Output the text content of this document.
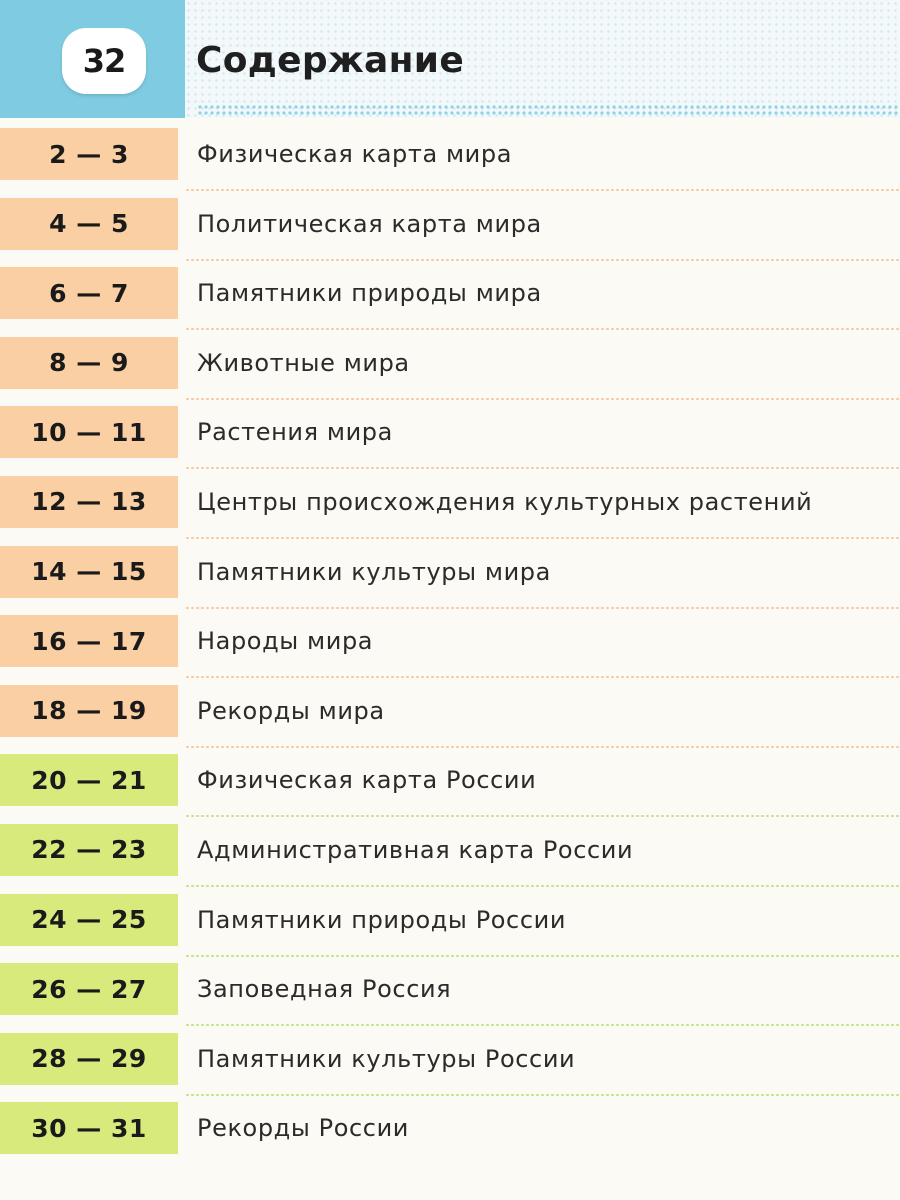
32	Содержание
2 — 3	Физическая карта мира
4 — 5	Политическая карта мира
6 — 7	Памятники природы мира
8 — 9	Животные мира
10 — 11	Растения мира
12 — 13	Центры происхождения культурных растений
14 — 15	Памятники культуры мира
16 — 17	Народы мира
18 — 19	Рекорды мира
20 — 21	Физическая карта России
22 — 23	Административная карта России
24 — 25	Памятники природы России
26 — 27	Заповедная Россия
28 — 29	Памятники культуры России
30 — 31	Рекорды России
